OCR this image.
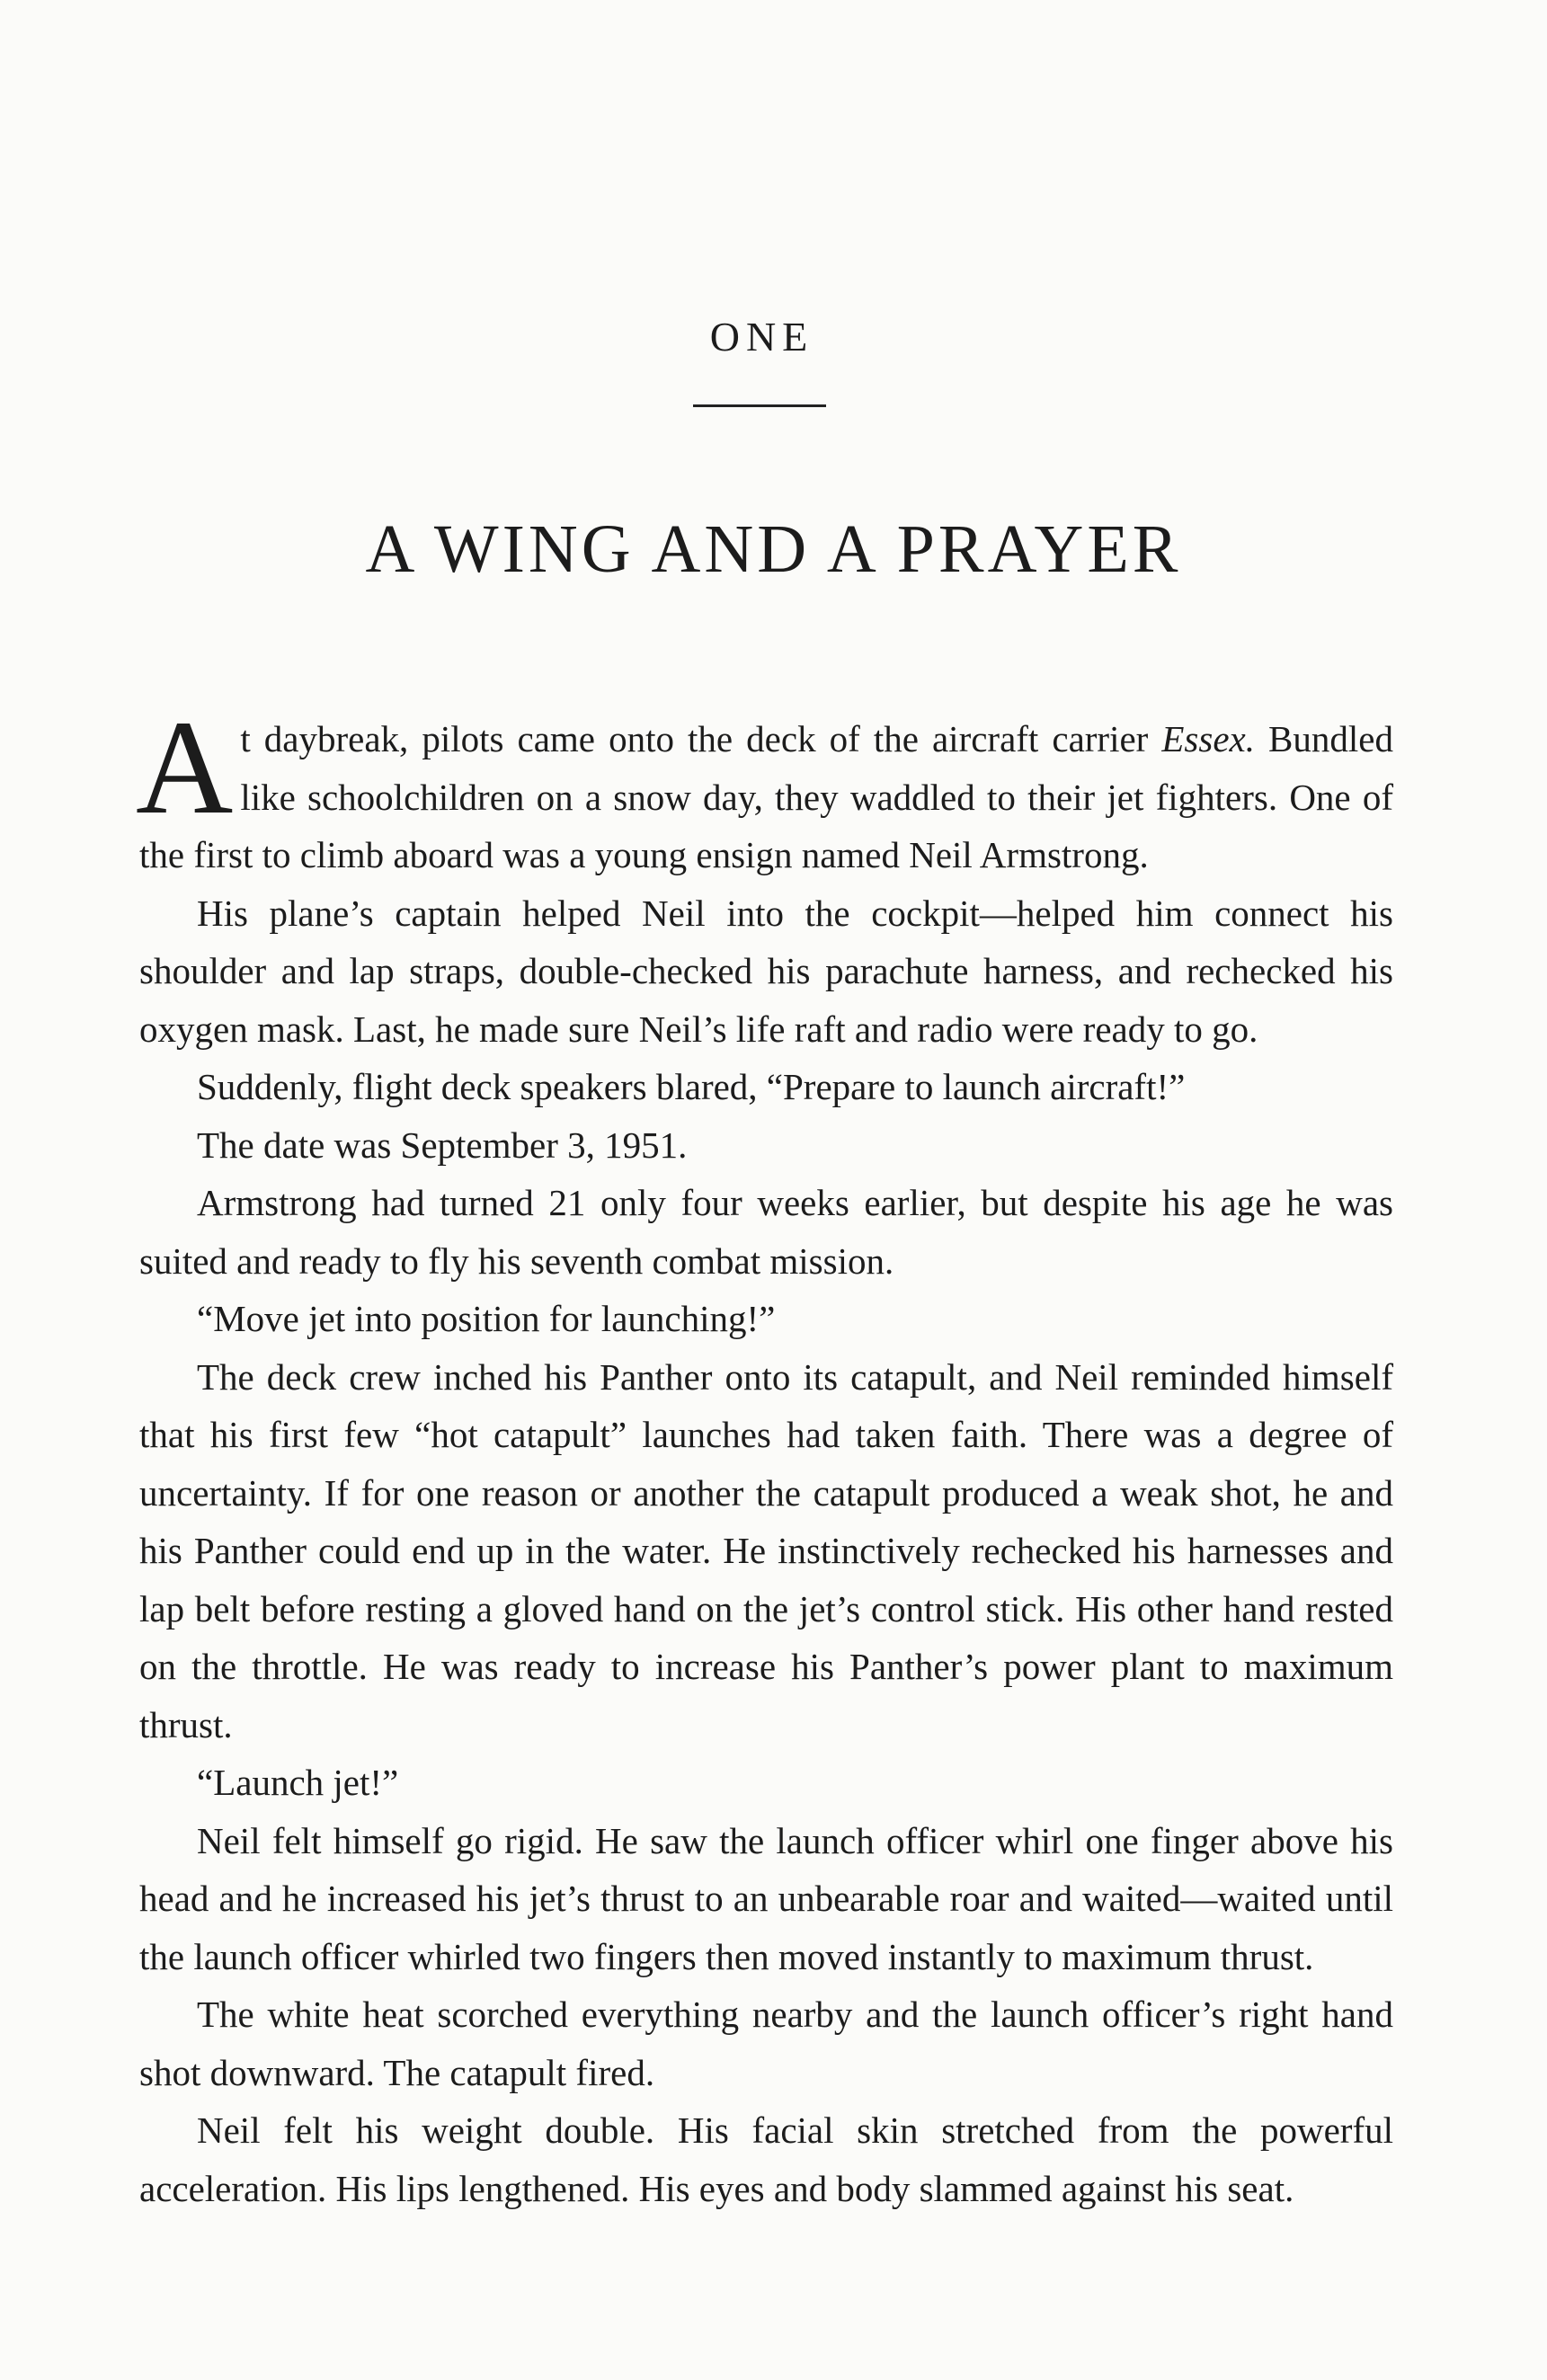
ONE
A WING AND A PRAYER

At daybreak, pilots came onto the deck of the aircraft carrier Essex. Bundled like schoolchildren on a snow day, they waddled to their jet fighters. One of the first to climb aboard was a young ensign named Neil Armstrong.

His plane’s captain helped Neil into the cockpit—helped him connect his shoulder and lap straps, double-checked his parachute harness, and rechecked his oxygen mask. Last, he made sure Neil’s life raft and radio were ready to go.

Suddenly, flight deck speakers blared, “Prepare to launch aircraft!”

The date was September 3, 1951.

Armstrong had turned 21 only four weeks earlier, but despite his age he was suited and ready to fly his seventh combat mission.

“Move jet into position for launching!”

The deck crew inched his Panther onto its catapult, and Neil reminded himself that his first few “hot catapult” launches had taken faith. There was a degree of uncertainty. If for one reason or another the catapult produced a weak shot, he and his Panther could end up in the water. He instinctively rechecked his harnesses and lap belt before resting a gloved hand on the jet’s control stick. His other hand rested on the throttle. He was ready to increase his Panther’s power plant to maximum thrust.

“Launch jet!”

Neil felt himself go rigid. He saw the launch officer whirl one finger above his head and he increased his jet’s thrust to an unbearable roar and waited—waited until the launch officer whirled two fingers then moved instantly to maximum thrust.

The white heat scorched everything nearby and the launch officer’s right hand shot downward. The catapult fired.

Neil felt his weight double. His facial skin stretched from the powerful acceleration. His lips lengthened. His eyes and body slammed against his seat.
